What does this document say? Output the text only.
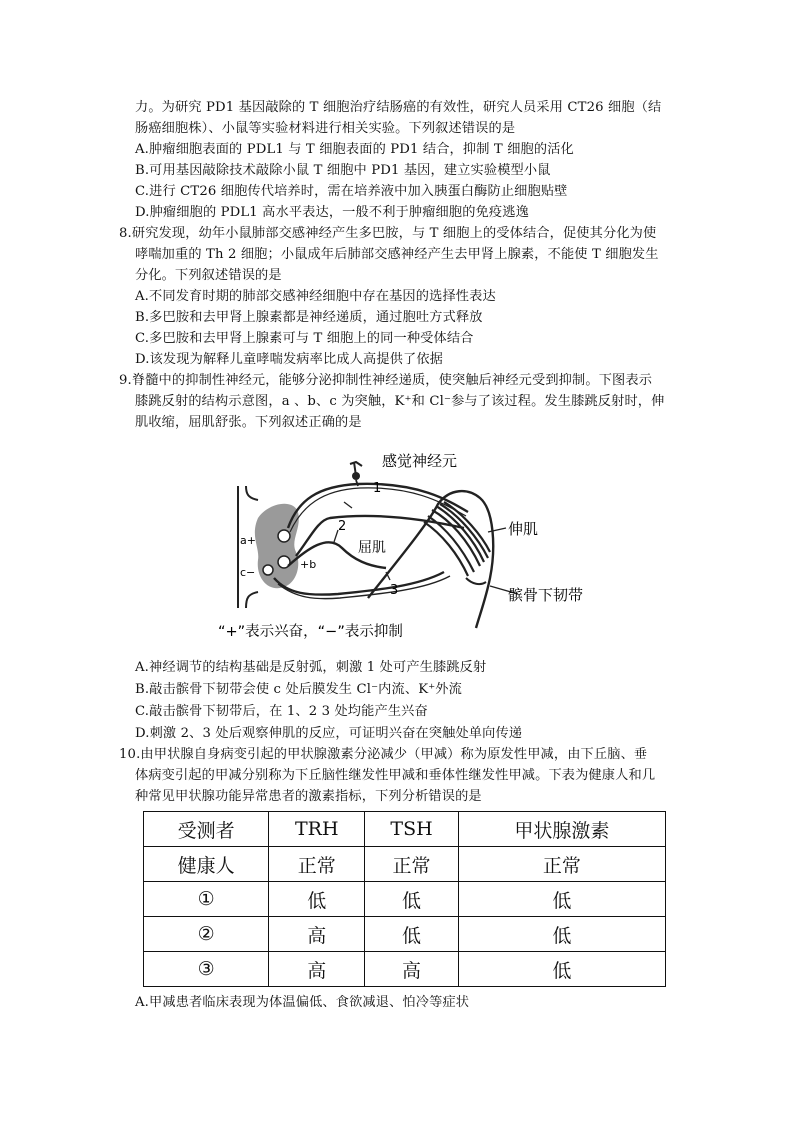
力。为研究 PD1 基因敲除的 T 细胞治疗结肠癌的有效性，研究人员采用 CT26 细胞（结
肠癌细胞株）、小鼠等实验材料进行相关实验。下列叙述错误的是
A.肿瘤细胞表面的 PDL1 与 T 细胞表面的 PD1 结合，抑制 T 细胞的活化
B.可用基因敲除技术敲除小鼠 T 细胞中 PD1 基因，建立实验模型小鼠
C.进行 CT26 细胞传代培养时，需在培养液中加入胰蛋白酶防止细胞贴壁
D.肿瘤细胞的 PDL1 高水平表达，一般不利于肿瘤细胞的免疫逃逸
8.研究发现，幼年小鼠肺部交感神经产生多巴胺，与 T 细胞上的受体结合，促使其分化为使
哮喘加重的 Th 2 细胞；小鼠成年后肺部交感神经产生去甲肾上腺素，不能使 T 细胞发生
分化。下列叙述错误的是
A.不同发育时期的肺部交感神经细胞中存在基因的选择性表达
B.多巴胺和去甲肾上腺素都是神经递质，通过胞吐方式释放
C.多巴胺和去甲肾上腺素可与 T 细胞上的同一种受体结合
D.该发现为解释儿童哮喘发病率比成人高提供了依据
9.脊髓中的抑制性神经元，能够分泌抑制性神经递质，使突触后神经元受到抑制。下图表示
膝跳反射的结构示意图，a 、b、c 为突触，K⁺和 Cl⁻参与了该过程。发生膝跳反射时，伸
肌收缩，屈肌舒张。下列叙述正确的是
感觉神经元
1
2
3
伸肌
屈肌
髌骨下韧带
a+
+b
c−
“+”表示兴奋，“−”表示抑制
A.神经调节的结构基础是反射弧，刺激 1 处可产生膝跳反射
B.敲击髌骨下韧带会使 c 处后膜发生 Cl⁻内流、K⁺外流
C.敲击髌骨下韧带后，在 1、2 3 处均能产生兴奋
D.刺激 2、3 处后观察伸肌的反应，可证明兴奋在突触处单向传递
10.由甲状腺自身病变引起的甲状腺激素分泌减少（甲减）称为原发性甲减，由下丘脑、垂
体病变引起的甲减分别称为下丘脑性继发性甲减和垂体性继发性甲减。下表为健康人和几
种常见甲状腺功能异常患者的激素指标，下列分析错误的是
受测者	TRH	TSH	甲状腺激素
健康人	正常	正常	正常
①	低	低	低
②	高	低	低
③	高	高	低
A.甲减患者临床表现为体温偏低、食欲减退、怕冷等症状
